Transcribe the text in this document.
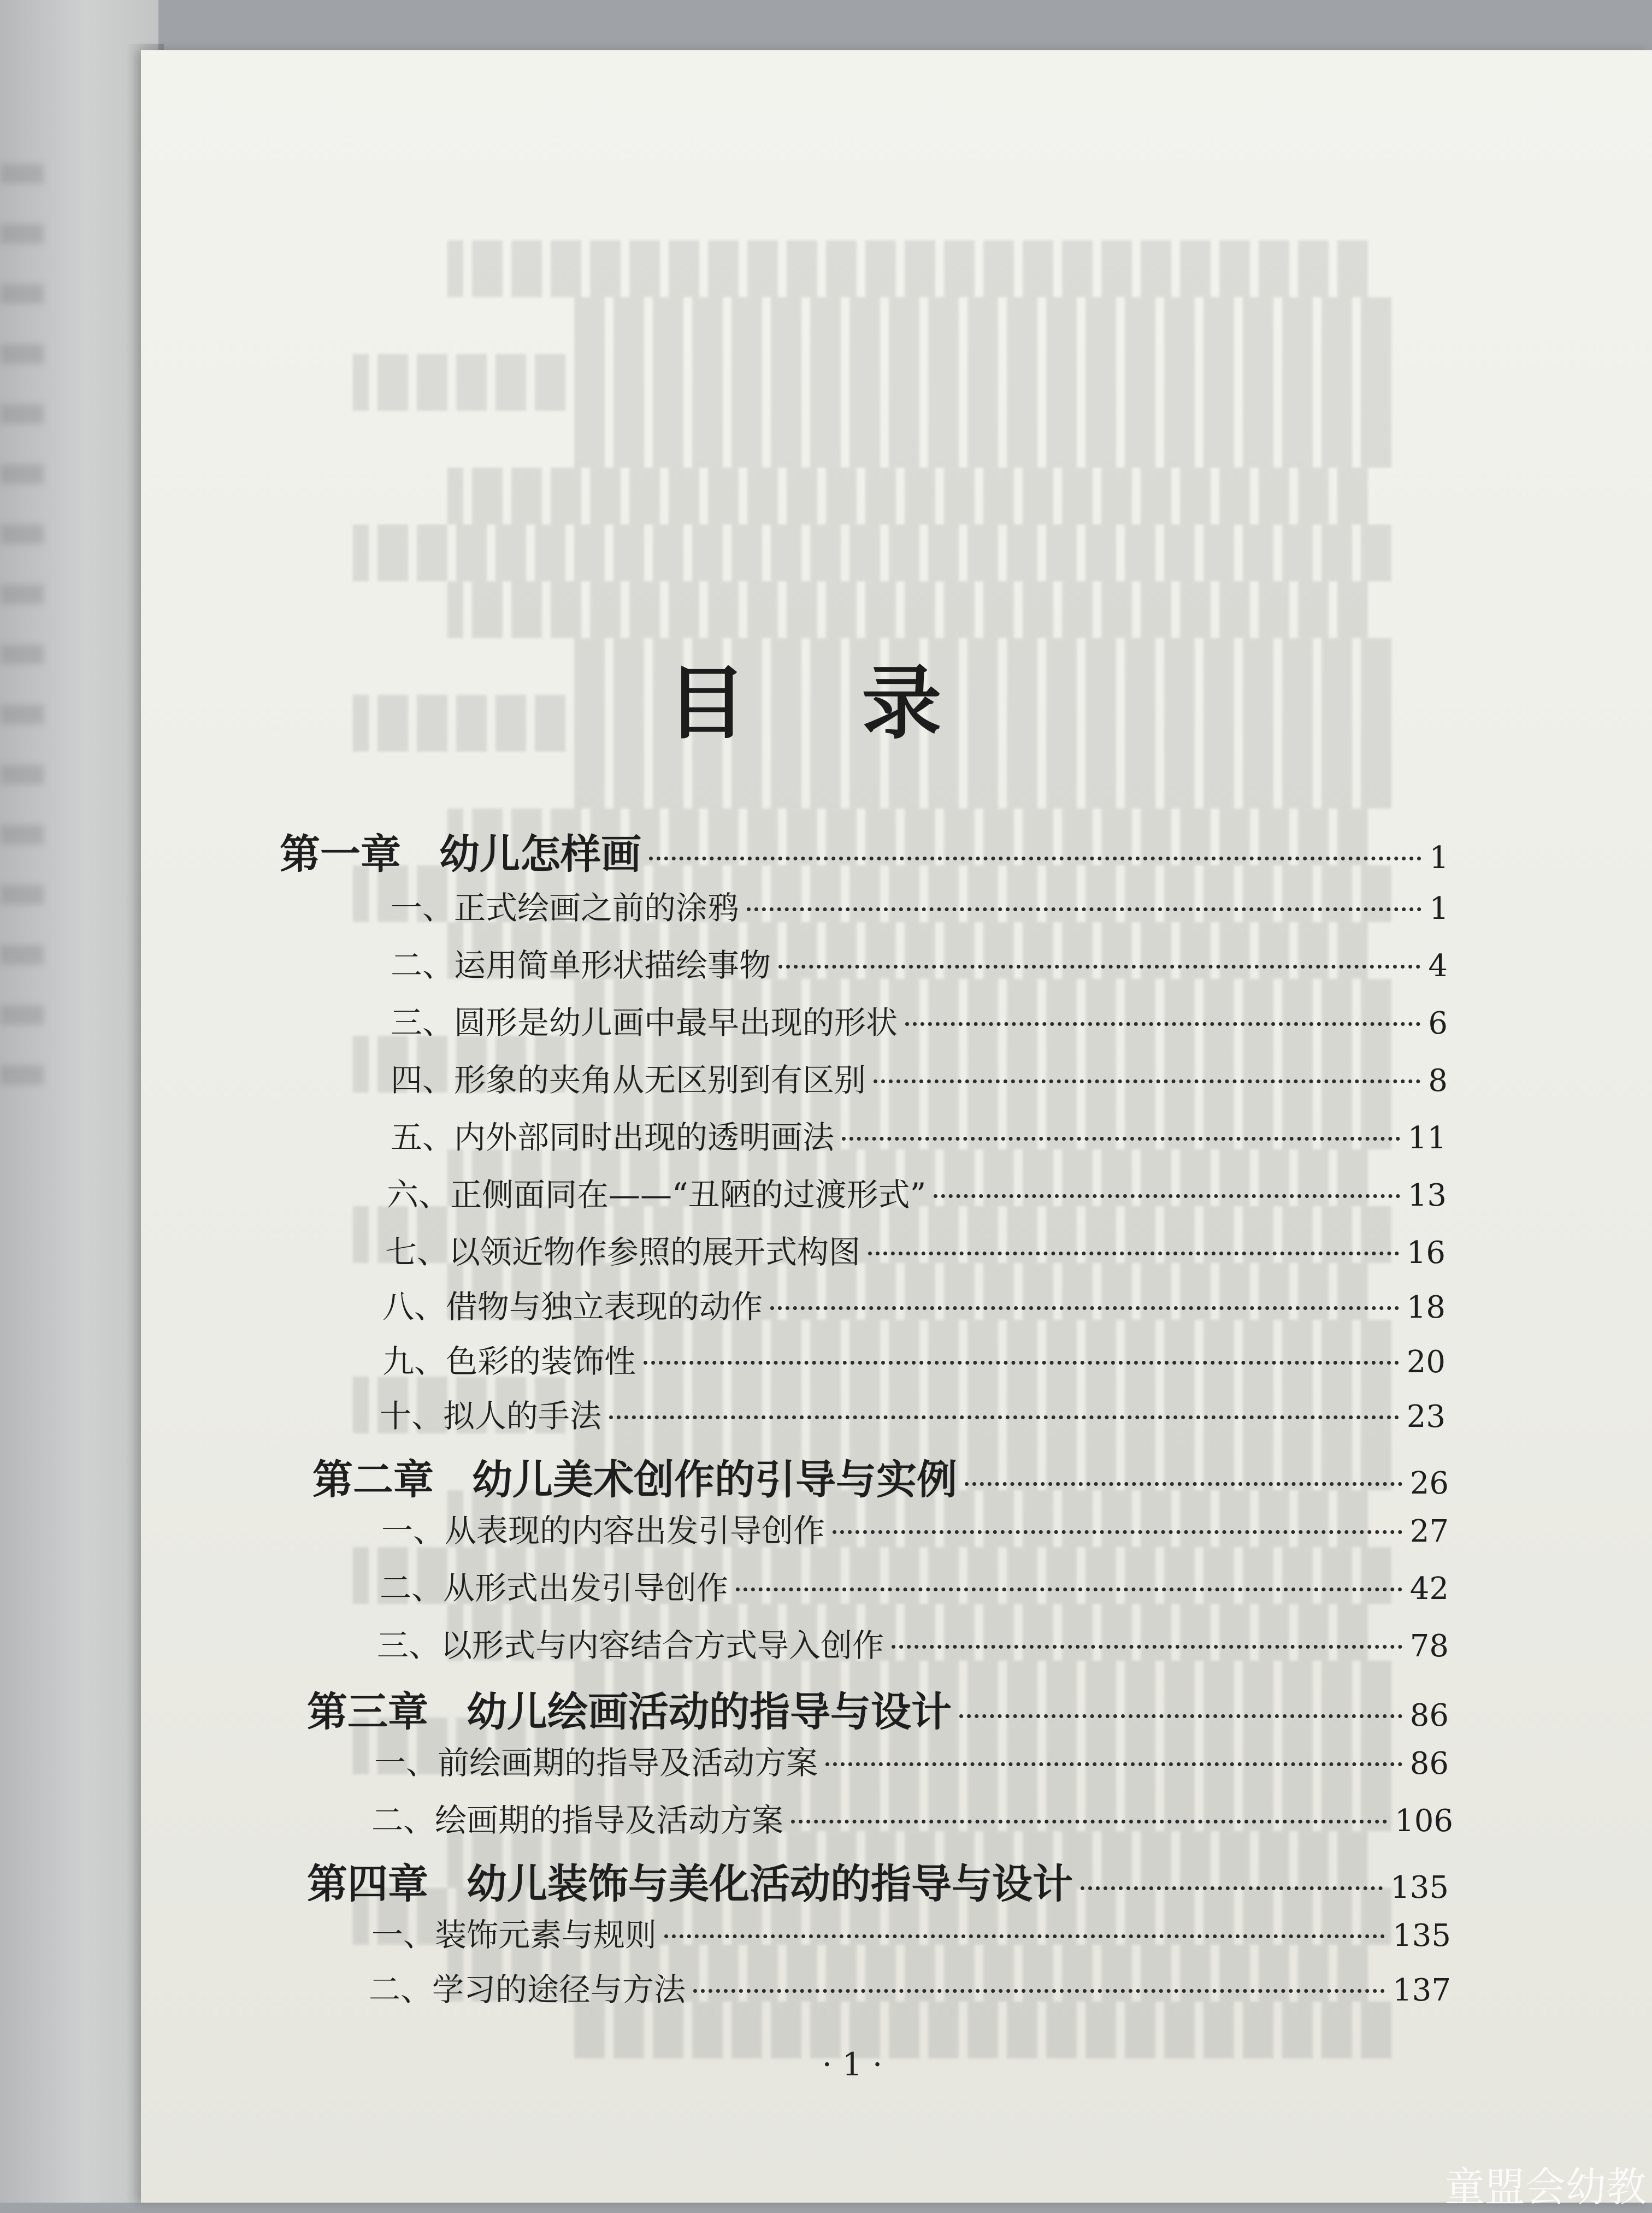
目 录
第一章 幼儿怎样画	1
一、正式绘画之前的涂鸦	1
二、运用简单形状描绘事物	4
三、圆形是幼儿画中最早出现的形状	6
四、形象的夹角从无区别到有区别	8
五、内外部同时出现的透明画法	11
六、正侧面同在——“丑陋的过渡形式”	13
七、以领近物作参照的展开式构图	16
八、借物与独立表现的动作	18
九、色彩的装饰性	20
十、拟人的手法	23
第二章 幼儿美术创作的引导与实例	26
一、从表现的内容出发引导创作	27
二、从形式出发引导创作	42
三、以形式与内容结合方式导入创作	78
第三章 幼儿绘画活动的指导与设计	86
一、前绘画期的指导及活动方案	86
二、绘画期的指导及活动方案	106
第四章 幼儿装饰与美化活动的指导与设计	135
一、装饰元素与规则	135
二、学习的途径与方法	137
· 1 ·
童盟会幼教
